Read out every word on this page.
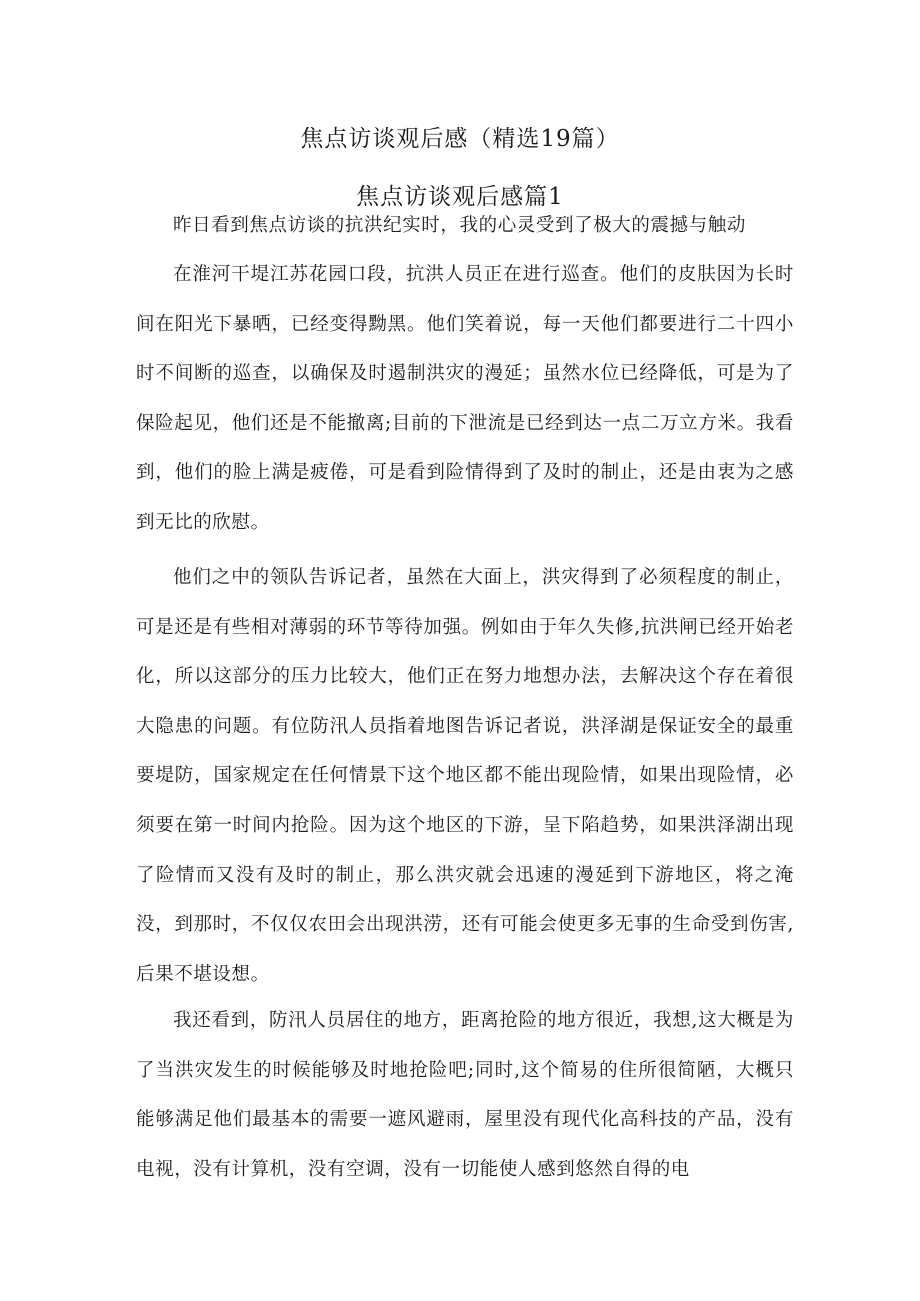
焦点访谈观后感（精选19篇）
焦点访谈观后感篇1

昨日看到焦点访谈的抗洪纪实时，我的心灵受到了极大的震撼与触动

在淮河干堤江苏花园口段，抗洪人员正在进行巡查。他们的皮肤因为长时间在阳光下暴晒，已经变得黝黑。他们笑着说，每一天他们都要进行二十四小时不间断的巡查，以确保及时遏制洪灾的漫延；虽然水位已经降低，可是为了保险起见，他们还是不能撤离;目前的下泄流是已经到达一点二万立方米。我看到，他们的脸上满是疲倦，可是看到险情得到了及时的制止，还是由衷为之感到无比的欣慰。

他们之中的领队告诉记者，虽然在大面上，洪灾得到了必须程度的制止，可是还是有些相对薄弱的环节等待加强。例如由于年久失修,抗洪闸已经开始老化，所以这部分的压力比较大，他们正在努力地想办法，去解决这个存在着很大隐患的问题。有位防汛人员指着地图告诉记者说，洪泽湖是保证安全的最重要堤防，国家规定在任何情景下这个地区都不能出现险情，如果出现险情，必须要在第一时间内抢险。因为这个地区的下游，呈下陷趋势，如果洪泽湖出现了险情而又没有及时的制止，那么洪灾就会迅速的漫延到下游地区，将之淹没，到那时，不仅仅农田会出现洪涝，还有可能会使更多无事的生命受到伤害,后果不堪设想。

我还看到，防汛人员居住的地方，距离抢险的地方很近，我想,这大概是为了当洪灾发生的时候能够及时地抢险吧;同时,这个简易的住所很简陋，大概只能够满足他们最基本的需要一遮风避雨，屋里没有现代化高科技的产品，没有电视，没有计算机，没有空调，没有一切能使人感到悠然自得的电
